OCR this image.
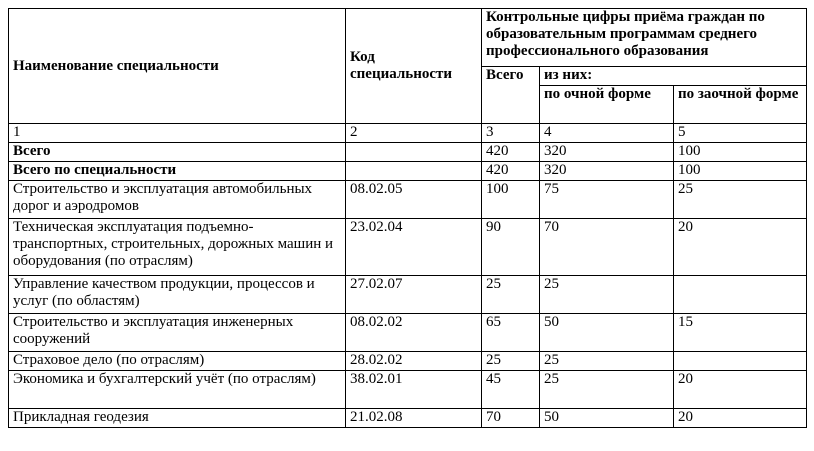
Наименование специальности	Код специальности	Контрольные цифры приёма граждан по образовательным программам среднего профессионального образования		
		Всего	из них:	
			по очной форме	по заочной форме
1	2	3	4	5
Всего		420	320	100
Всего по специальности		420	320	100
Строительство и эксплуатация автомобильных дорог и аэродромов	08.02.05	100	75	25
Техническая эксплуатация подъемно-транспортных, строительных, дорожных машин и оборудования (по отраслям)	23.02.04	90	70	20
Управление качеством продукции, процессов и услуг (по областям)	27.02.07	25	25	
Строительство и эксплуатация инженерных сооружений	08.02.02	65	50	15
Страховое дело (по отраслям)	28.02.02	25	25	
Экономика и бухгалтерский учёт (по отраслям)	38.02.01	45	25	20
Прикладная геодезия	21.02.08	70	50	20
